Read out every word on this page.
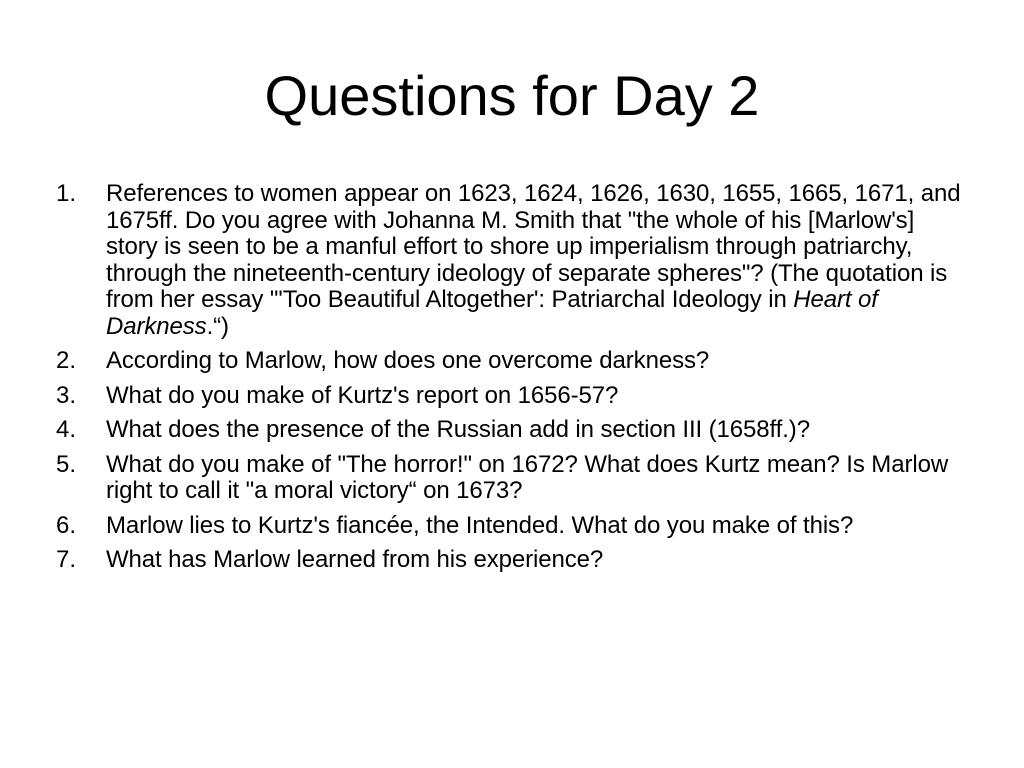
Questions for Day 2
1.	References to women appear on 1623, 1624, 1626, 1630, 1655, 1665, 1671, and 1675ff. Do you agree with Johanna M. Smith that "the whole of his [Marlow's] story is seen to be a manful effort to shore up imperialism through patriarchy, through the nineteenth-century ideology of separate spheres"? (The quotation is from her essay "'Too Beautiful Altogether': Patriarchal Ideology in Heart of Darkness.“)
2.	According to Marlow, how does one overcome darkness?
3.	What do you make of Kurtz's report on 1656-57?
4.	What does the presence of the Russian add in section III (1658ff.)?
5.	What do you make of "The horror!" on 1672? What does Kurtz mean? Is Marlow right to call it "a moral victory“ on 1673?
6.	Marlow lies to Kurtz's fiancée, the Intended. What do you make of this?
7.	What has Marlow learned from his experience?
